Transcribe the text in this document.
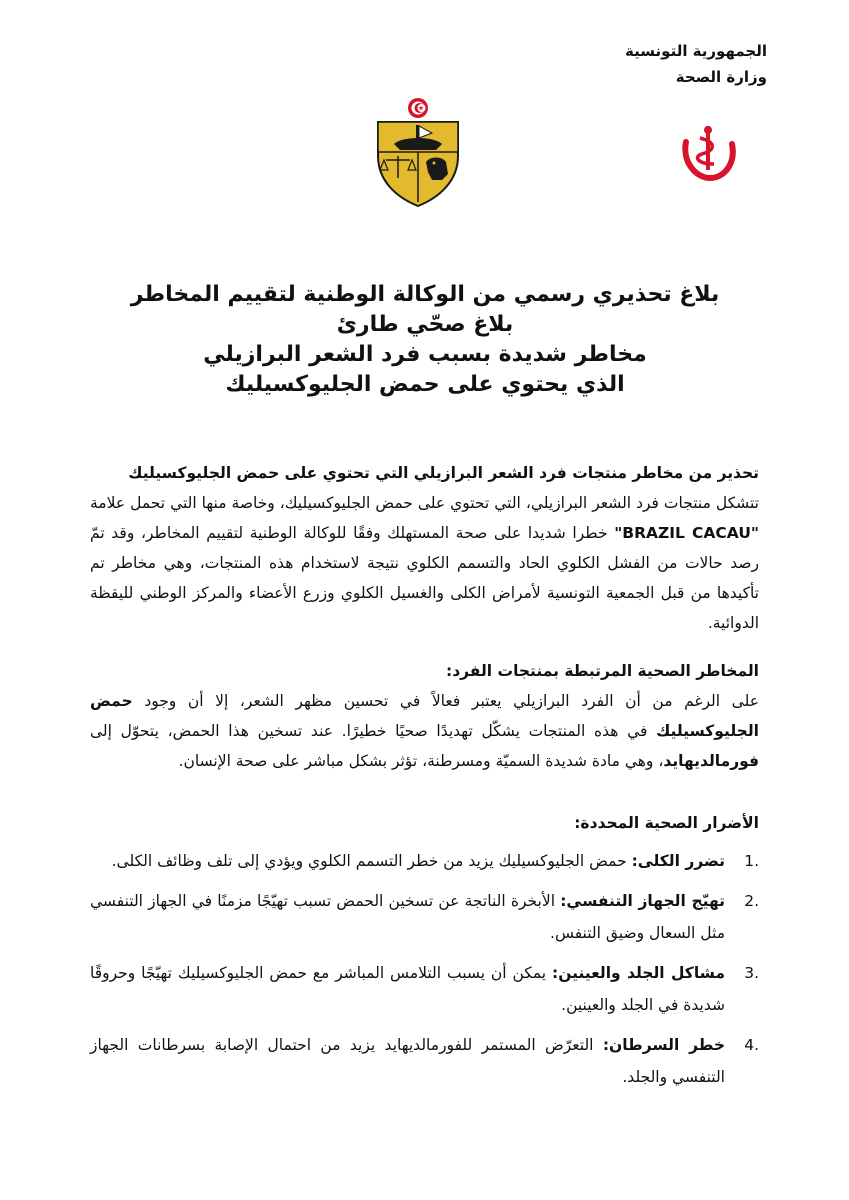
الجمهورية التونسية
وزارة الصحة
بلاغ تحذيري رسمي من الوكالة الوطنية لتقييم المخاطر
بلاغ صحّي طارئ
مخاطر شديدة بسبب فرد الشعر البرازيلي
الذي يحتوي على حمض الجليوكسيليك

تحذير من مخاطر منتجات فرد الشعر البرازيلي التي تحتوي على حمض الجليوكسيليك

تتشكل منتجات فرد الشعر البرازيلي، التي تحتوي على حمض الجليوكسيليك، وخاصة منها التي تحمل علامة "BRAZIL CACAU" خطرا شديدا على صحة المستهلك وفقًا للوكالة الوطنية لتقييم المخاطر، وقد تمّ رصد حالات من الفشل الكلوي الحاد والتسمم الكلوي نتيجة لاستخدام هذه المنتجات، وهي مخاطر تم تأكيدها من قبل الجمعية التونسية لأمراض الكلى والغسيل الكلوي وزرع الأعضاء والمركز الوطني لليقظة الدوائية.

المخاطر الصحية المرتبطة بمنتجات الفرد:

على الرغم من أن الفرد البرازيلي يعتبر فعالاً في تحسين مظهر الشعر، إلا أن وجود حمض الجليوكسيليك في هذه المنتجات يشكّل تهديدًا صحيًا خطيرًا. عند تسخين هذا الحمض، يتحوّل إلى فورمالديهايد، وهي مادة شديدة السميّة ومسرطنة، تؤثر بشكل مباشر على صحة الإنسان.

الأضرار الصحية المحددة:

1.
تضرر الكلى: حمض الجليوكسيليك يزيد من خطر التسمم الكلوي ويؤدي إلى تلف وظائف الكلى.
2.
تهيّج الجهاز التنفسي: الأبخرة الناتجة عن تسخين الحمض تسبب تهيّجًا مزمنًا في الجهاز التنفسي مثل السعال وضيق التنفس.
3.
مشاكل الجلد والعينين: يمكن أن يسبب التلامس المباشر مع حمض الجليوكسيليك تهيّجًا وحروقًا شديدة في الجلد والعينين.
4.
خطر السرطان: التعرّض المستمر للفورمالديهايد يزيد من احتمال الإصابة بسرطانات الجهاز التنفسي والجلد.
